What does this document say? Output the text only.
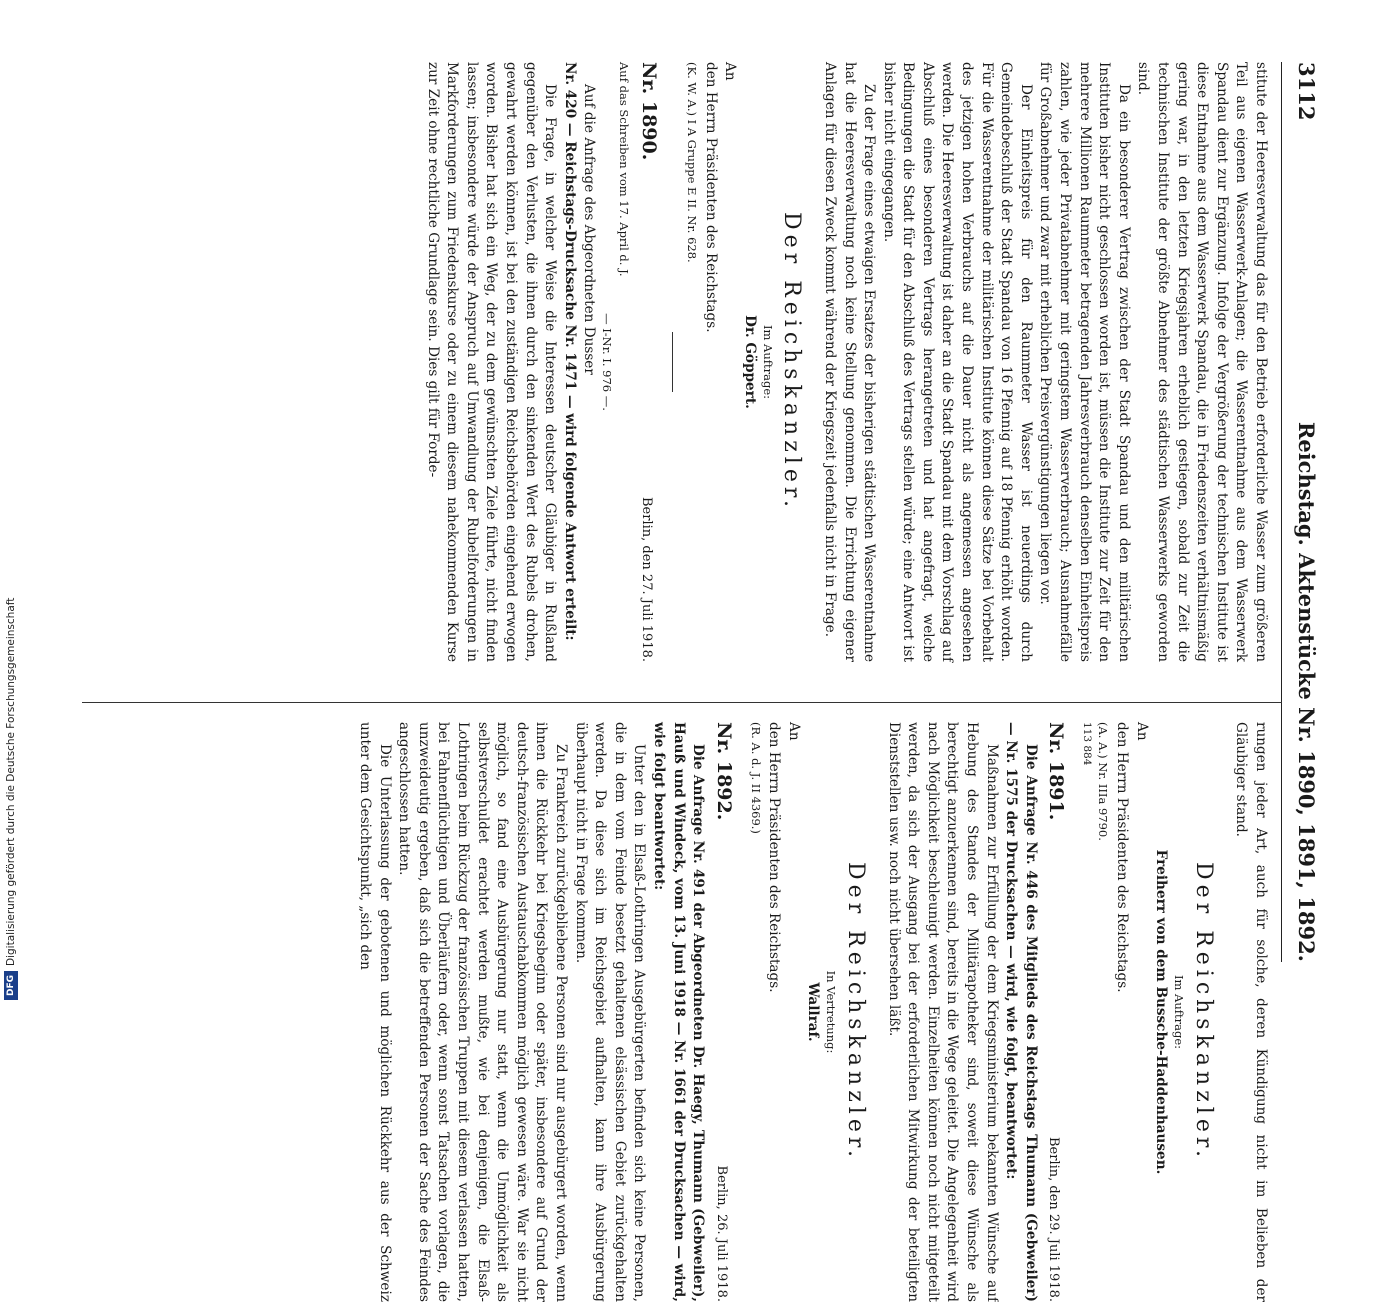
3112
Reichstag. Aktenstücke Nr. 1890, 1891, 1892.

stitute der Heeresverwaltung das für den Betrieb erforderliche Wasser zum größeren Teil aus eigenen Wasserwerk-Anlagen; die Wasserentnahme aus dem Wasserwerk Spandau dient zur Ergänzung. Infolge der Vergrößerung der technischen Institute ist diese Entnahme aus dem Wasserwerk Spandau, die in Friedenszeiten verhältnismäßig gering war, in den letzten Kriegsjahren erheblich gestiegen, sobald zur Zeit die technischen Institute der größte Abnehmer des städtischen Wasserwerks geworden sind.

Da ein besonderer Vertrag zwischen der Stadt Spandau und den militärischen Instituten bisher nicht geschlossen worden ist, müssen die Institute zur Zeit für den mehrere Millionen Raummeter betragenden Jahresverbrauch denselben Einheitspreis zahlen, wie jeder Privatabnehmer mit geringstem Wasserverbrauch; Ausnahmefälle für Großabnehmer und zwar mit erheblichen Preisvergünstigungen liegen vor.

Der Einheitspreis für den Raummeter Wasser ist neuerdings durch Gemeindebeschluß der Stadt Spandau von 16 Pfennig auf 18 Pfennig erhöht worden. Für die Wasserentnahme der militärischen Institute können diese Sätze bei Vorbehalt des jetzigen hohen Verbrauchs auf die Dauer nicht als angemessen angesehen werden. Die Heeresverwaltung ist daher an die Stadt Spandau mit dem Vorschlag auf Abschluß eines besonderen Vertrags herangetreten und hat angefragt, welche Bedingungen die Stadt für den Abschluß des Vertrags stellen würde; eine Antwort ist bisher nicht eingegangen.

Zu der Frage eines etwaigen Ersatzes der bisherigen städtischen Wasserentnahme hat die Heeresverwaltung noch keine Stellung genommen. Die Errichtung eigener Anlagen für diesen Zweck kommt während der Kriegszeit jedenfalls nicht in Frage.

Der Reichskanzler.

Im Auftrage:

Dr. Göppert.

An

den Herrn Präsidenten des Reichstags.

(K. W. A.) I A Gruppe E II. Nr. 628.

Nr. 1890.
Berlin, den 27. Juli 1918.

Auf das Schreiben vom 17. April d. J.

— I-Nr. I. 976 —.

Auf die Anfrage des Abgeordneten Dusser

Nr. 420 — Reichstags-Drucksache Nr. 1471 — wird folgende Antwort erteilt:

Die Frage, in welcher Weise die Interessen deutscher Gläubiger in Rußland gegenüber den Verlusten, die ihnen durch den sinkenden Wert des Rubels drohen, gewahrt werden können, ist bei den zuständigen Reichsbehörden eingehend erwogen worden. Bisher hat sich ein Weg, der zu dem gewünschten Ziele führte, nicht finden lassen; insbesondere würde der Anspruch auf Umwandlung der Rubelforderungen in Markforderungen zum Friedenskurse oder zu einem diesem nahekommenden Kurse zur Zeit ohne rechtliche Grundlage sein. Dies gilt für Forde-

rungen jeder Art, auch für solche, deren Kündigung nicht im Belieben der Gläubiger stand.

Der Reichskanzler.

Im Auftrage:

Freiherr von dem Bussche-Haddenhausen.

An

den Herrn Präsidenten des Reichstags.

(A. A.) Nr. IIIa 9790.

113 884

Nr. 1891.
Berlin, den 29. Juli 1918.

Die Anfrage Nr. 446 des Mitglieds des Reichstags Thumann (Gebweiler) — Nr. 1575 der Drucksachen — wird, wie folgt, beantwortet:

Maßnahmen zur Erfüllung der dem Kriegsministerium bekannten Wünsche auf Hebung des Standes der Militärapotheker sind, soweit diese Wünsche als berechtigt anzuerkennen sind, bereits in die Wege geleitet. Die Angelegenheit wird nach Möglichkeit beschleunigt werden. Einzelheiten können noch nicht mitgeteilt werden, da sich der Ausgang bei der erforderlichen Mitwirkung der beteiligten Dienststellen usw. noch nicht übersehen läßt.

Der Reichskanzler.

In Vertretung:

Wallraf.

An

den Herrn Präsidenten des Reichstags.

(R. A. d. J. II 4369.)

Nr. 1892.
Berlin, 26. Juli 1918.

Die Anfrage Nr. 491 der Abgeordneten Dr. Haegy, Thumann (Gebweiler), Hauß und Windeck, vom 13. Juni 1918 — Nr. 1661 der Drucksachen — wird, wie folgt beantwortet:

Unter den in Elsaß-Lothringen Ausgebürgerten befinden sich keine Personen, die in dem vom Feinde besetzt gehaltenen elsässischen Gebiet zurückgehalten werden. Da diese sich im Reichsgebiet aufhalten, kann ihre Ausbürgerung überhaupt nicht in Frage kommen.

Zu Frankreich zurückgebliebene Personen sind nur ausgebürgert worden, wenn ihnen die Rückkehr bei Kriegsbeginn oder später, insbesondere auf Grund der deutsch-französischen Austauschabkommen möglich gewesen wäre. War sie nicht möglich, so fand eine Ausbürgerung nur statt, wenn die Unmöglichkeit als selbstverschuldet erachtet werden mußte, wie bei denjenigen, die Elsaß-Lothringen beim Rückzug der französischen Truppen mit diesem verlassen hatten, bei Fahnenflüchtigen und Überläufern oder, wenn sonst Tatsachen vorlagen, die unzweideutig ergeben, daß sich die betreffenden Personen der Sache des Feindes angeschlossen hatten.

Die Unterlassung der gebotenen und möglichen Rückkehr aus der Schweiz unter dem Gesichtspunkt, „sich den

DFG
Digitalisierung gefördert durch die Deutsche Forschungsgemeinschaft
